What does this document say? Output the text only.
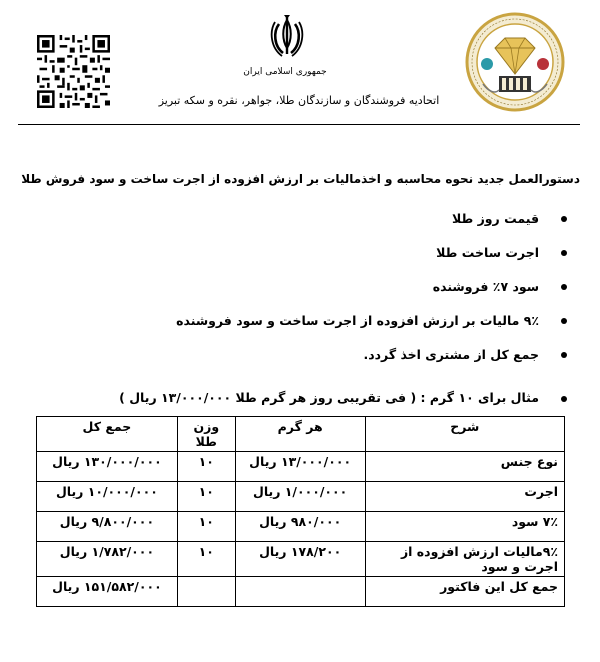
جمهوری اسلامی ایران
اتحادیه فروشندگان و سازندگان طلا، جواهر، نقره و سکه تبریز
دستورالعمل جدید نحوه محاسبه و اخذمالیات بر ارزش افزوده از اجرت ساخت و سود فروش طلا
قیمت روز طلا
اجرت ساخت طلا
سود ۷٪ فروشنده
۹٪ مالیات بر ارزش افزوده از اجرت ساخت و سود فروشنده
جمع کل از مشتری اخذ گردد.
مثال برای ۱۰ گرم : ( فی تقریبی روز هر گرم طلا ۱۳/۰۰۰/۰۰۰ ریال )
شرح	هر گرم	وزن طلا	جمع کل
نوع جنس	۱۳/۰۰۰/۰۰۰ ریال	۱۰	۱۳۰/۰۰۰/۰۰۰ ریال
اجرت	۱/۰۰۰/۰۰۰ ریال	۱۰	۱۰/۰۰۰/۰۰۰ ریال
۷٪ سود	۹۸۰/۰۰۰ ریال	۱۰	۹/۸۰۰/۰۰۰ ریال
۹٪مالیات ارزش افزوده از اجرت و سود	۱۷۸/۲۰۰ ریال	۱۰	۱/۷۸۲/۰۰۰ ریال
جمع کل این فاکتور			۱۵۱/۵۸۲/۰۰۰ ریال
